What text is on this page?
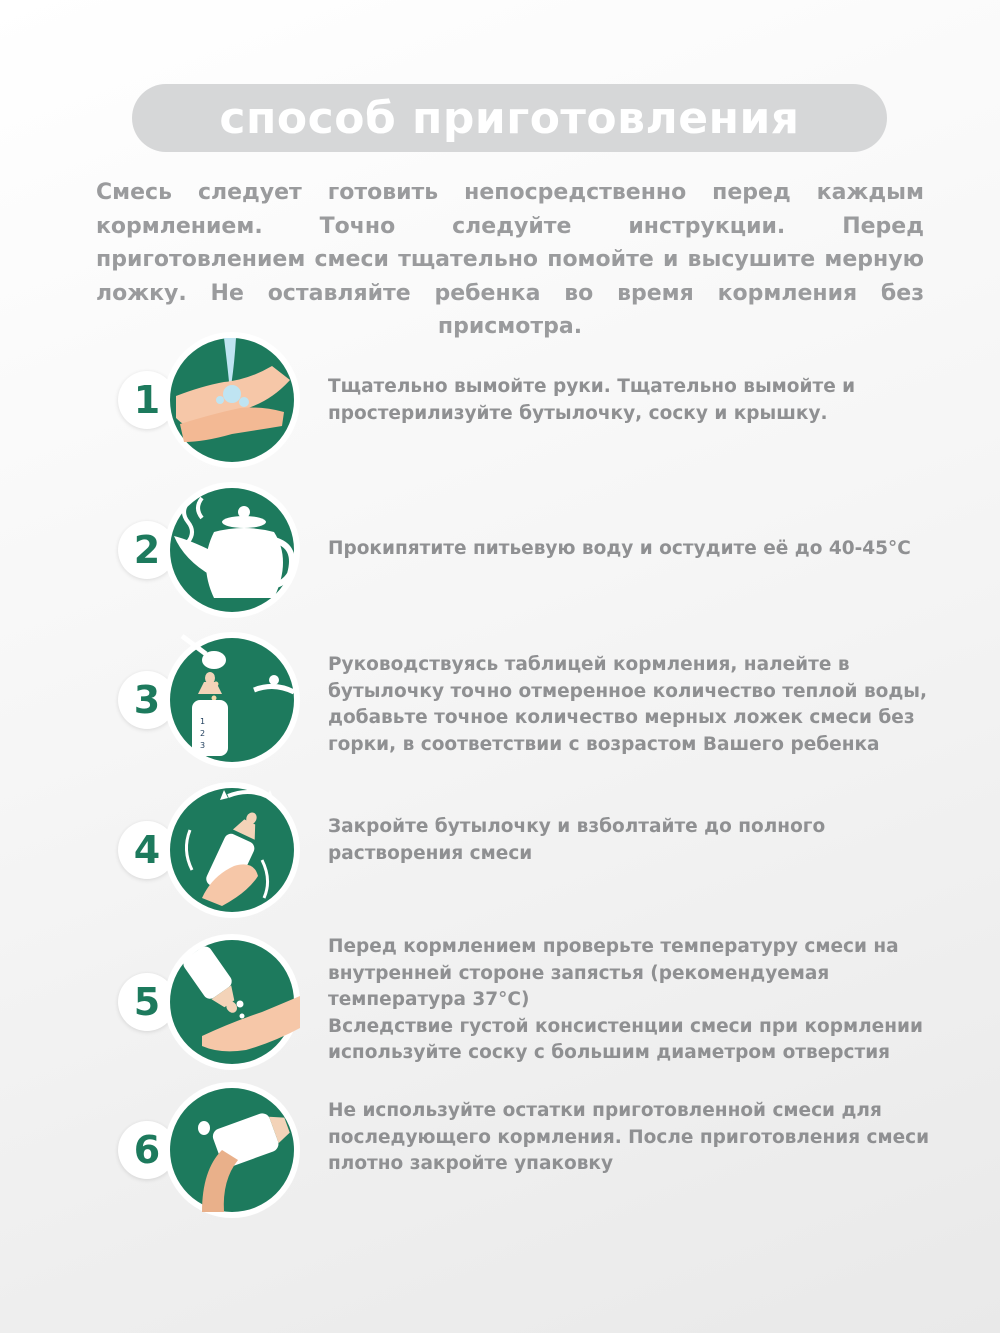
способ приготовления

Смесь следует готовить непосредственно перед каждым кормлением. Точно следуйте инструкции. Перед приготовлением смеси тщательно помойте и высушите мерную ложку. Не оставляйте ребенка во время кормления без присмотра.

1	Тщательно вымойте руки. Тщательно вымойте и простерилизуйте бутылочку, соску и крышку.

2	Прокипятите питьевую воду и остудите её до 40-45°С

3	1
2
3

Руководствуясь таблицей кормления, налейте в бутылочку точно отмеренное количество теплой воды, добавьте точное количество мерных ложек смеси без горки, в соответствии с возрастом Вашего ребенка

4

Закройте бутылочку и взболтайте до полного растворения смеси

5

Перед кормлением проверьте температуру смеси на внутренней стороне запястья (рекомендуемая температура 37°С)

Вследствие густой консистенции смеси при кормлении используйте соску с большим диаметром отверстия

6

Не используйте остатки приготовленной смеси для последующего кормления. После приготовления смеси плотно закройте упаковку
